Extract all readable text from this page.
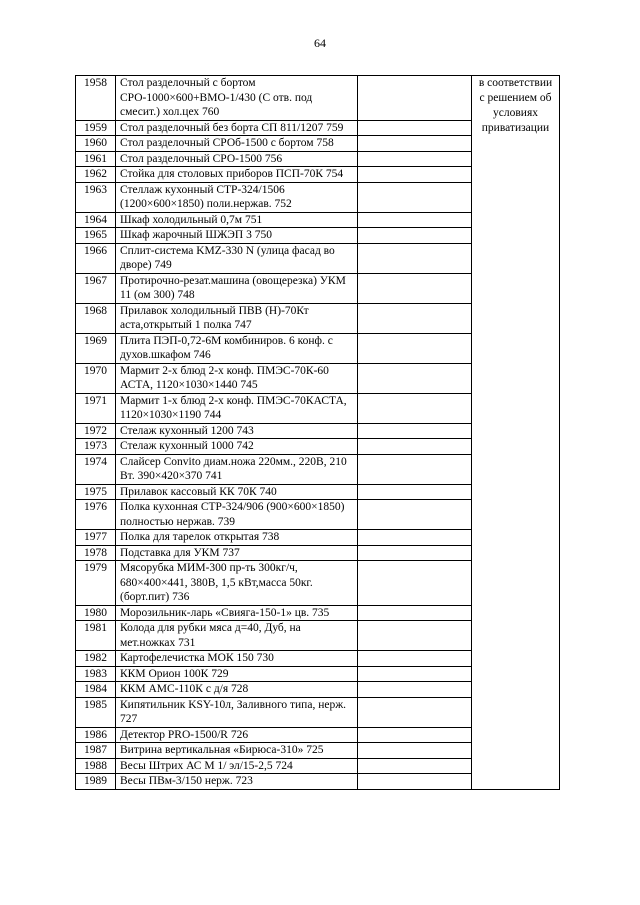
64
1958	Стол разделочный с бортом СРО-1000×600+ВМО-1/430 (С отв. под смесит.) хол.цех 760		в соответствии с решением об условиях приватизации
1959	Стол разделочный без борта СП 811/1207 759		
1960	Стол разделочный СРОб-1500 с бортом 758		
1961	Стол разделочный СРО-1500 756		
1962	Стойка для столовых приборов ПСП-70К 754		
1963	Стеллаж кухонный СТР-324/1506 (1200×600×1850) поли.нержав. 752		
1964	Шкаф холодильный 0,7м 751		
1965	Шкаф жарочный ШЖЭП 3 750		
1966	Сплит-система KMZ-330 N (улица фасад во дворе) 749		
1967	Протирочно-резат.машина (овощерезка) УКМ 11 (ом 300) 748		
1968	Прилавок холодильный ПВВ (Н)-70Кт аста,открытый 1 полка 747		
1969	Плита ПЭП-0,72-6М комбиниров. 6 конф. с духов.шкафом 746		
1970	Мармит 2-х блюд 2-х конф. ПМЭС-70К-60 АСТА, 1120×1030×1440 745		
1971	Мармит 1-х блюд 2-х конф. ПМЭС-70КАСТА, 1120×1030×1190 744		
1972	Стелаж кухонный 1200 743		
1973	Стелаж кухонный 1000 742		
1974	Слайсер Convito диам.ножа 220мм., 220В, 210 Вт. 390×420×370 741		
1975	Прилавок кассовый КК 70К 740		
1976	Полка кухонная СТР-324/906 (900×600×1850) полностью нержав. 739		
1977	Полка для тарелок открытая 738		
1978	Подставка для УКМ 737		
1979	Мясорубка МИМ-300 пр-ть 300кг/ч, 680×400×441, 380В, 1,5 кВт,масса 50кг.(борт.пит) 736		
1980	Морозильник-ларь «Свияга-150-1» цв. 735		
1981	Колода для рубки мяса д=40, Дуб, на мет.ножках 731		
1982	Картофелечистка МОК 150 730		
1983	ККМ Орион 100К 729		
1984	ККМ АМС-110К с д/я 728		
1985	Кипятильник KSY-10л, Заливного типа, нерж. 727		
1986	Детектор PRO-1500/R 726		
1987	Витрина вертикальная «Бирюса-310» 725		
1988	Весы Штрих АС М 1/ эл/15-2,5 724		
1989	Весы ПВм-3/150 нерж. 723		
